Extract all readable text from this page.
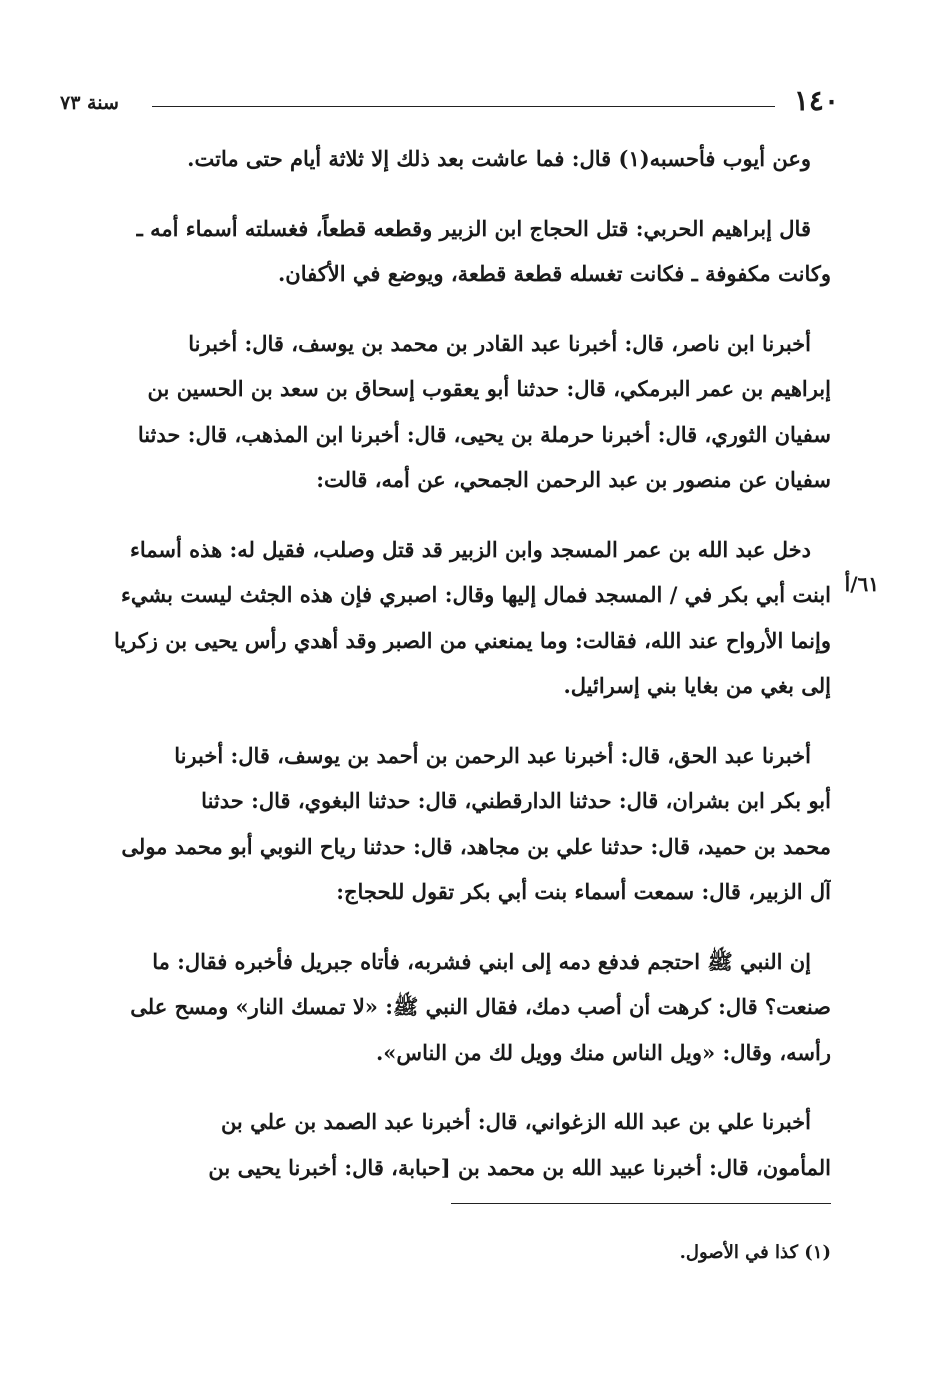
١٤٠
سنة ٧٣
٦١/أ

وعن أيوب فأحسبه(١) قال: فما عاشت بعد ذلك إلا ثلاثة أيام حتى ماتت.

قال إبراهيم الحربي: قتل الحجاج ابن الزبير وقطعه قطعاً، فغسلته أسماء أمه ـ
وكانت مكفوفة ـ فكانت تغسله قطعة قطعة، ويوضع في الأكفان.

أخبرنا ابن ناصر، قال: أخبرنا عبد القادر بن محمد بن يوسف، قال: أخبرنا
إبراهيم بن عمر البرمكي، قال: حدثنا أبو يعقوب إسحاق بن سعد بن الحسين بن
سفيان الثوري، قال: أخبرنا حرملة بن يحيى، قال: أخبرنا ابن المذهب، قال: حدثنا
سفيان عن منصور بن عبد الرحمن الجمحي، عن أمه، قالت:

دخل عبد الله بن عمر المسجد وابن الزبير قد قتل وصلب، فقيل له: هذه أسماء
ابنت أبي بكر في / المسجد فمال إليها وقال: اصبري فإن هذه الجثث ليست بشيء
وإنما الأرواح عند الله، فقالت: وما يمنعني من الصبر وقد أهدي رأس يحيى بن زكريا
إلى بغي من بغايا بني إسرائيل.

أخبرنا عبد الحق، قال: أخبرنا عبد الرحمن بن أحمد بن يوسف، قال: أخبرنا
أبو بكر ابن بشران، قال: حدثنا الدارقطني، قال: حدثنا البغوي، قال: حدثنا
محمد بن حميد، قال: حدثنا علي بن مجاهد، قال: حدثنا رياح النوبي أبو محمد مولى
آل الزبير، قال: سمعت أسماء بنت أبي بكر تقول للحجاج:

إن النبي ﷺ احتجم فدفع دمه إلى ابني فشربه، فأتاه جبريل فأخبره فقال: ما
صنعت؟ قال: كرهت أن أصب دمك، فقال النبي ﷺ: «لا تمسك النار» ومسح على
رأسه، وقال: «ويل الناس منك وويل لك من الناس».

أخبرنا علي بن عبد الله الزغواني، قال: أخبرنا عبد الصمد بن علي بن
المأمون، قال: أخبرنا عبيد الله بن محمد بن [حبابة، قال: أخبرنا يحيى بن

(١) كذا في الأصول.
